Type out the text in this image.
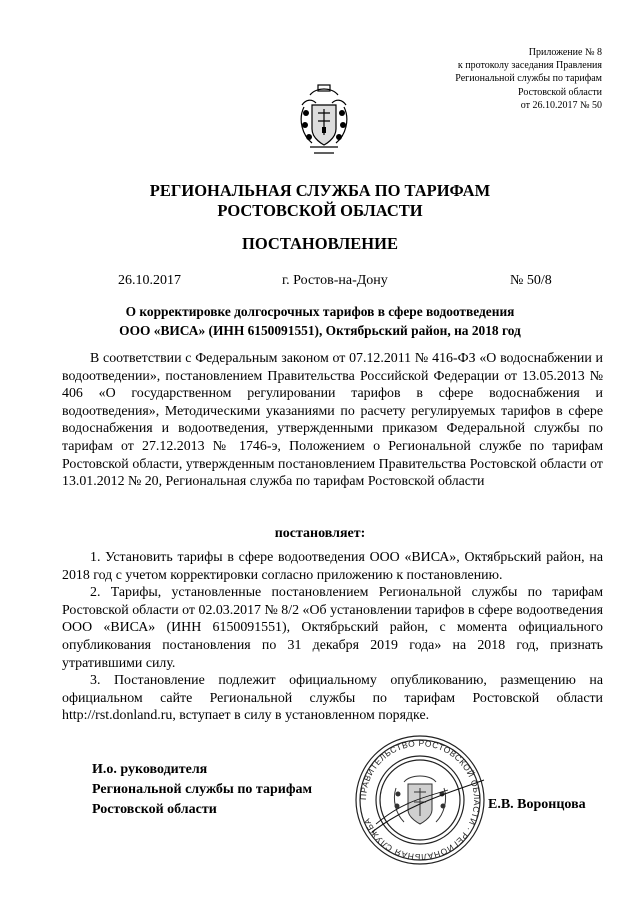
Приложение № 8
к протоколу заседания Правления
Региональной службы по тарифам
Ростовской области
от 26.10.2017 № 50
РЕГИОНАЛЬНАЯ СЛУЖБА ПО ТАРИФАМ
РОСТОВСКОЙ ОБЛАСТИ
ПОСТАНОВЛЕНИЕ
26.10.2017	г. Ростов-на-Дону	№ 50/8
О корректировке долгосрочных тарифов в сфере водоотведения
ООО «ВИСА» (ИНН 6150091551), Октябрьский район, на 2018 год
В соответствии с Федеральным законом от 07.12.2011 № 416-ФЗ «О водоснабжении и водоотведении», постановлением Правительства Российской Федерации от 13.05.2013 № 406 «О государственном регулировании тарифов в сфере водоснабжения и водоотведения», Методическими указаниями по расчету регулируемых тарифов в сфере водоснабжения и водоотведения, утвержденными приказом Федеральной службы по тарифам от 27.12.2013 № 1746-э, Положением о Региональной службе по тарифам Ростовской области, утвержденным постановлением Правительства Ростовской области от 13.01.2012 № 20, Региональная служба по тарифам Ростовской области
постановляет:

1. Установить тарифы в сфере водоотведения ООО «ВИСА», Октябрьский район, на 2018 год с учетом корректировки согласно приложению к постановлению.

2. Тарифы, установленные постановлением Региональной службы по тарифам Ростовской области от 02.03.2017 № 8/2 «Об установлении тарифов в сфере водоотведения ООО «ВИСА» (ИНН 6150091551), Октябрьский район, с момента официального опубликования постановления по 31 декабря 2019 года» на 2018 год, признать утратившими силу.

3. Постановление подлежит официальному опубликованию, размещению на официальном сайте Региональной службы по тарифам Ростовской области http://rst.donland.ru, вступает в силу в установленном порядке.

И.о. руководителя
Региональной службы по тарифам
Ростовской области
ПРАВИТЕЛЬСТВО РОСТОВСКОЙ ОБЛАСТИ · РЕГИОНАЛЬНАЯ СЛУЖБА
Е.В. Воронцова
